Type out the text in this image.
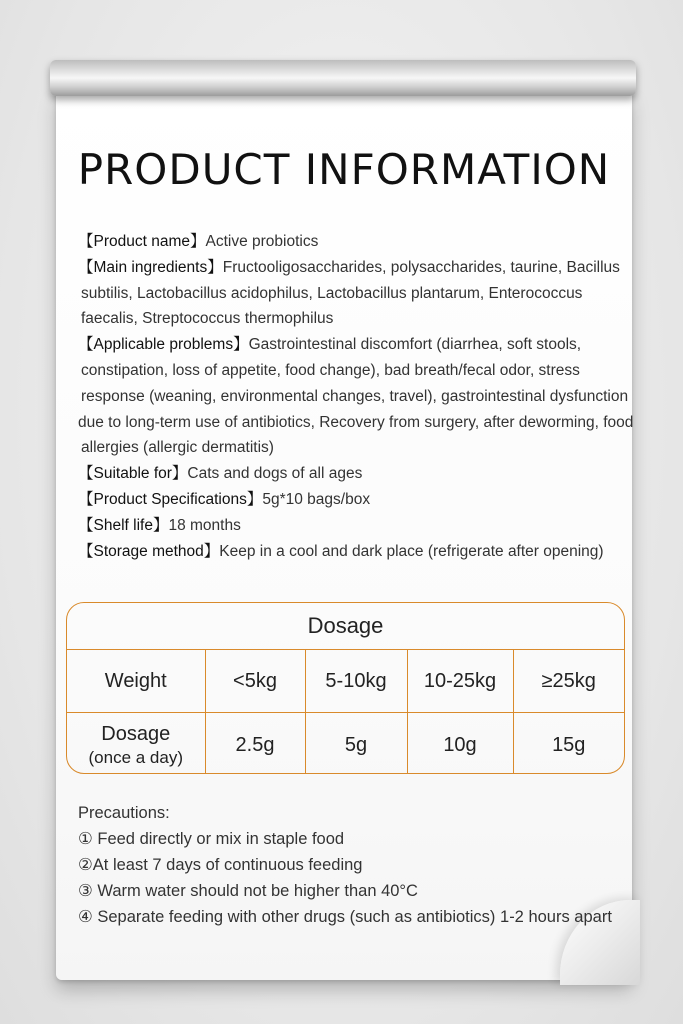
PRODUCT INFORMATION
【Product name】Active probiotics
【Main ingredients】Fructooligosaccharides, polysaccharides, taurine, Bacillus
subtilis, Lactobacillus acidophilus, Lactobacillus plantarum, Enterococcus
faecalis, Streptococcus thermophilus
【Applicable problems】Gastrointestinal discomfort (diarrhea, soft stools,
constipation, loss of appetite, food change), bad breath/fecal odor, stress
response (weaning, environmental changes, travel), gastrointestinal dysfunction
due to long-term use of antibiotics, Recovery from surgery, after deworming, food
allergies (allergic dermatitis)
【Suitable for】Cats and dogs of all ages
【Product Specifications】5g*10 bags/box
【Shelf life】18 months
【Storage method】Keep in a cool and dark place (refrigerate after opening)
Dosage
Weight	<5kg	5-10kg	10-25kg	≥25kg
Dosage
(once a day)	2.5g	5g	10g	15g
Precautions:
① Feed directly or mix in staple food
②At least 7 days of continuous feeding
③ Warm water should not be higher than 40°C
④ Separate feeding with other drugs (such as antibiotics) 1-2 hours apart
